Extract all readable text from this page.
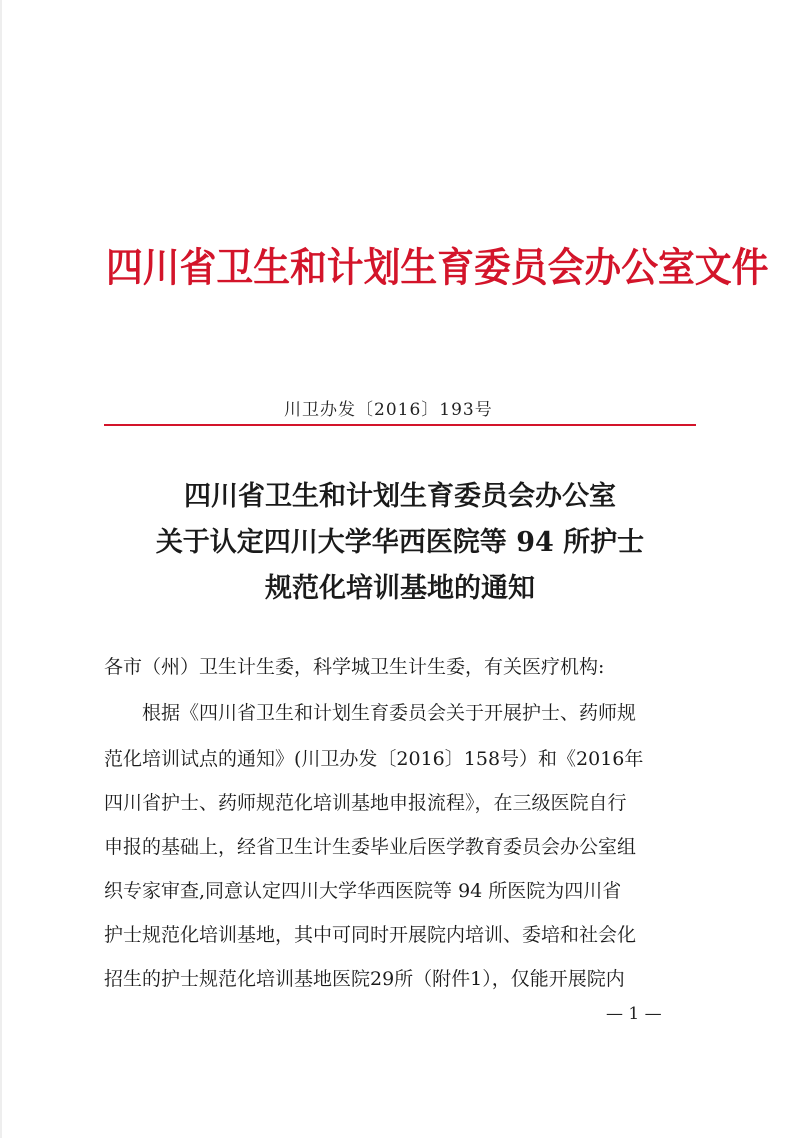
四川省卫生和计划生育委员会办公室文件
川卫办发〔2016〕193号
四川省卫生和计划生育委员会办公室
关于认定四川大学华西医院等 94 所护士
规范化培训基地的通知
各市（州）卫生计生委，科学城卫生计生委，有关医疗机构:
　　根据《四川省卫生和计划生育委员会关于开展护士、药师规
范化培训试点的通知》(川卫办发〔2016〕158号）和《2016年
四川省护士、药师规范化培训基地申报流程》，在三级医院自行
申报的基础上，经省卫生计生委毕业后医学教育委员会办公室组
织专家审查,同意认定四川大学华西医院等 94 所医院为四川省
护士规范化培训基地，其中可同时开展院内培训、委培和社会化
招生的护士规范化培训基地医院29所（附件1），仅能开展院内
— 1 —
